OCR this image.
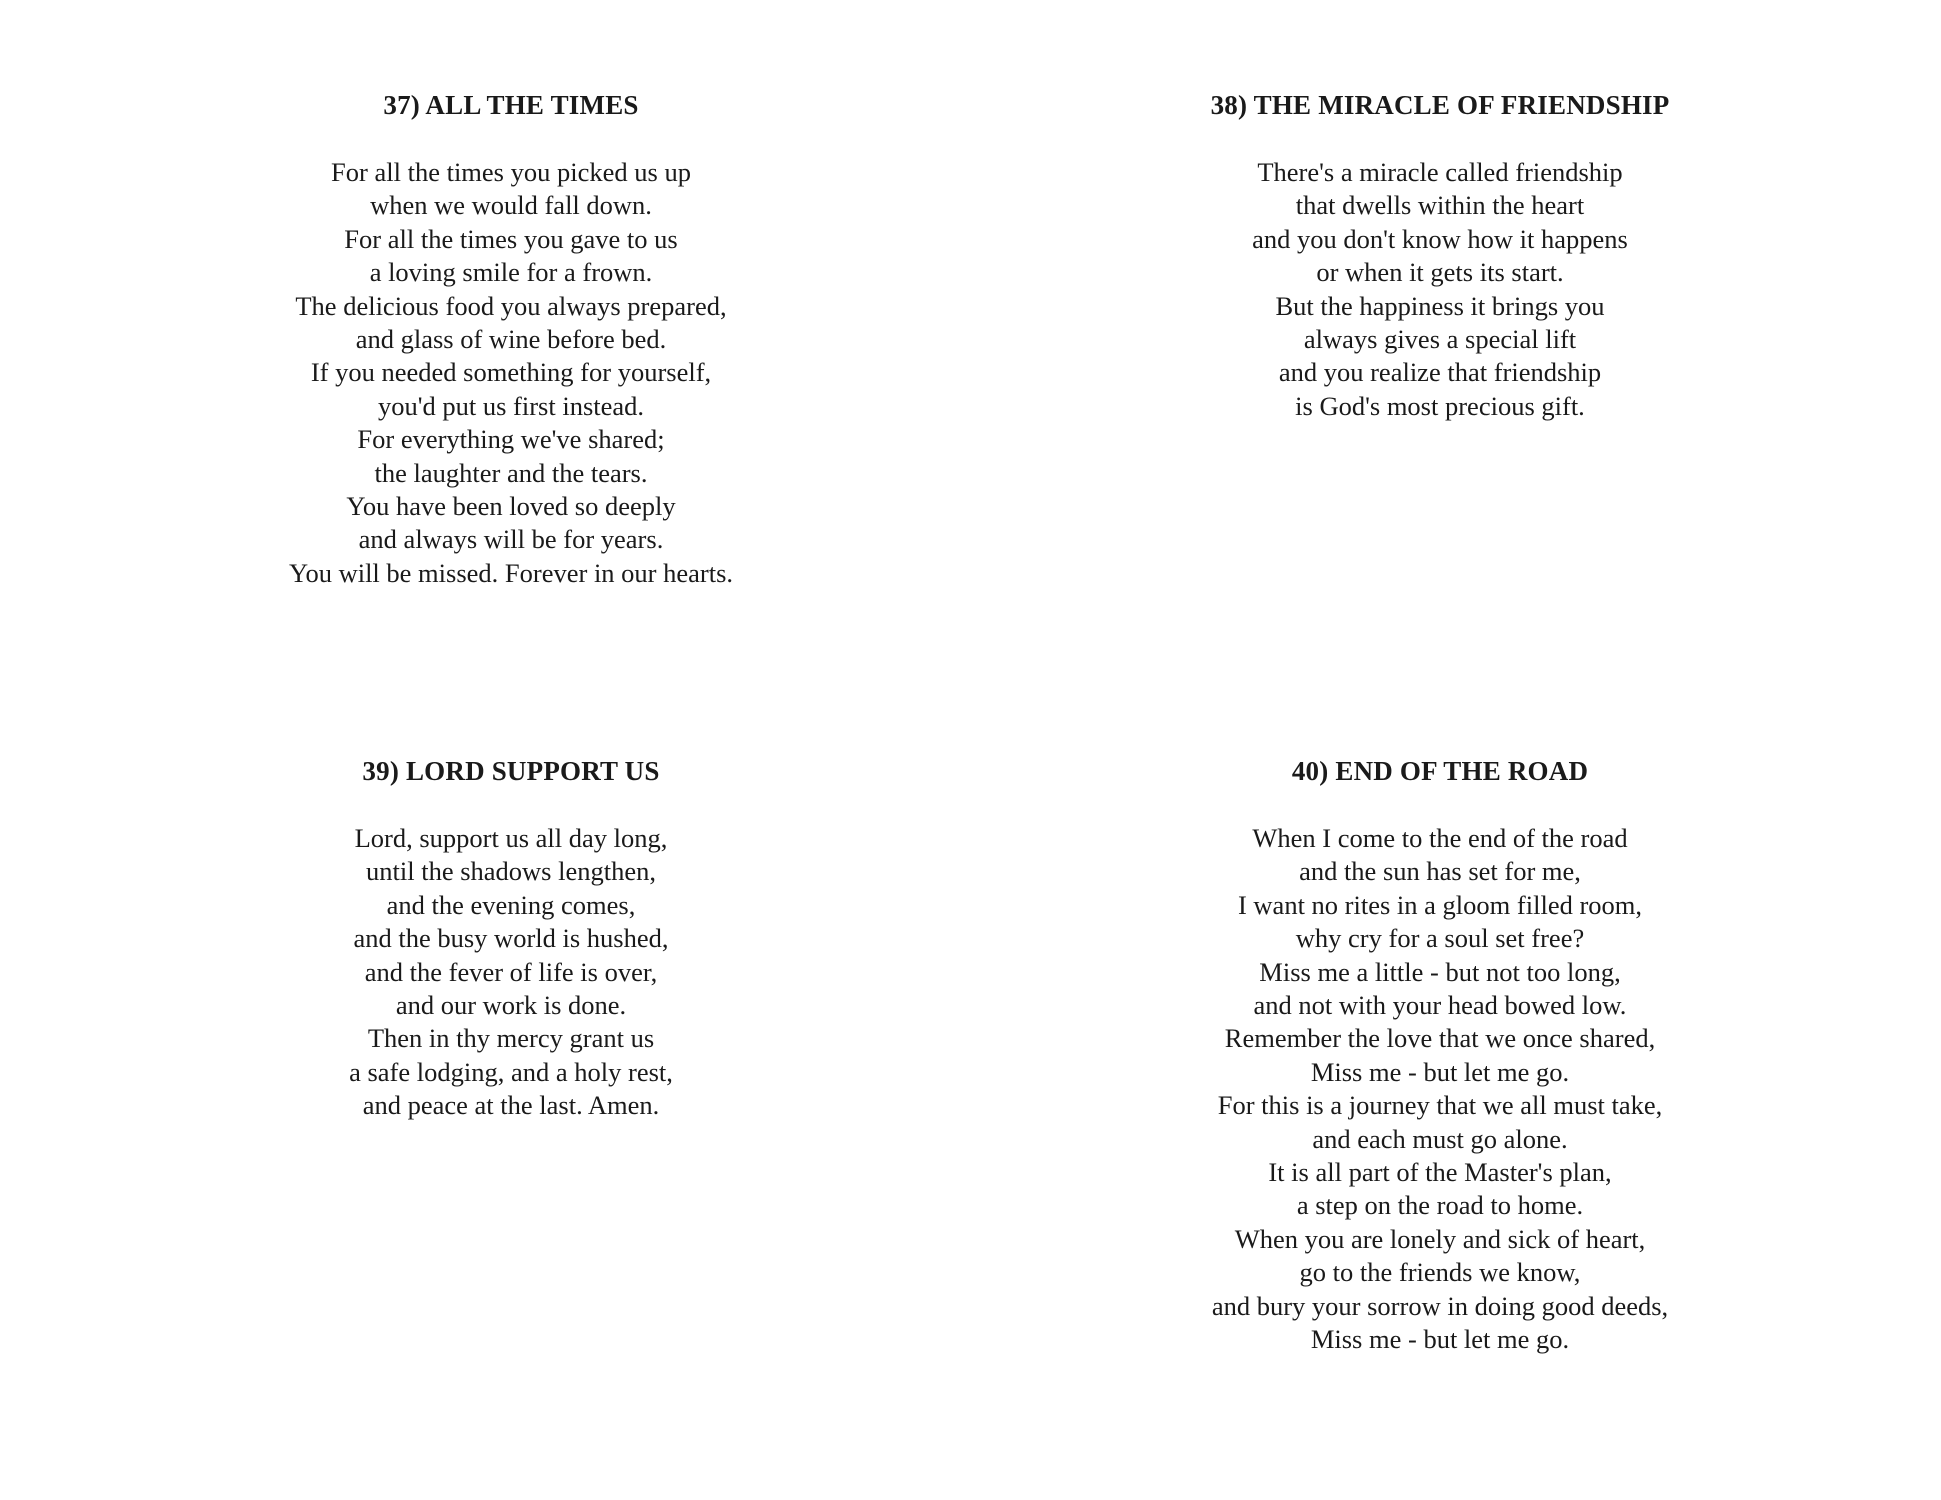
37) ALL THE TIMES
For all the times you picked us up
when we would fall down.
For all the times you gave to us
a loving smile for a frown.
The delicious food you always prepared,
and glass of wine before bed.
If you needed something for yourself,
you'd put us first instead.
For everything we've shared;
the laughter and the tears.
You have been loved so deeply
and always will be for years.
You will be missed. Forever in our hearts.
38) THE MIRACLE OF FRIENDSHIP
There's a miracle called friendship
that dwells within the heart
and you don't know how it happens
or when it gets its start.
But the happiness it brings you
always gives a special lift
and you realize that friendship
is God's most precious gift.
39) LORD SUPPORT US
Lord, support us all day long,
until the shadows lengthen,
and the evening comes,
and the busy world is hushed,
and the fever of life is over,
and our work is done.
Then in thy mercy grant us
a safe lodging, and a holy rest,
and peace at the last. Amen.
40) END OF THE ROAD
When I come to the end of the road
and the sun has set for me,
I want no rites in a gloom filled room,
why cry for a soul set free?
Miss me a little - but not too long,
and not with your head bowed low.
Remember the love that we once shared,
Miss me - but let me go.
For this is a journey that we all must take,
and each must go alone.
It is all part of the Master's plan,
a step on the road to home.
When you are lonely and sick of heart,
go to the friends we know,
and bury your sorrow in doing good deeds,
Miss me - but let me go.
